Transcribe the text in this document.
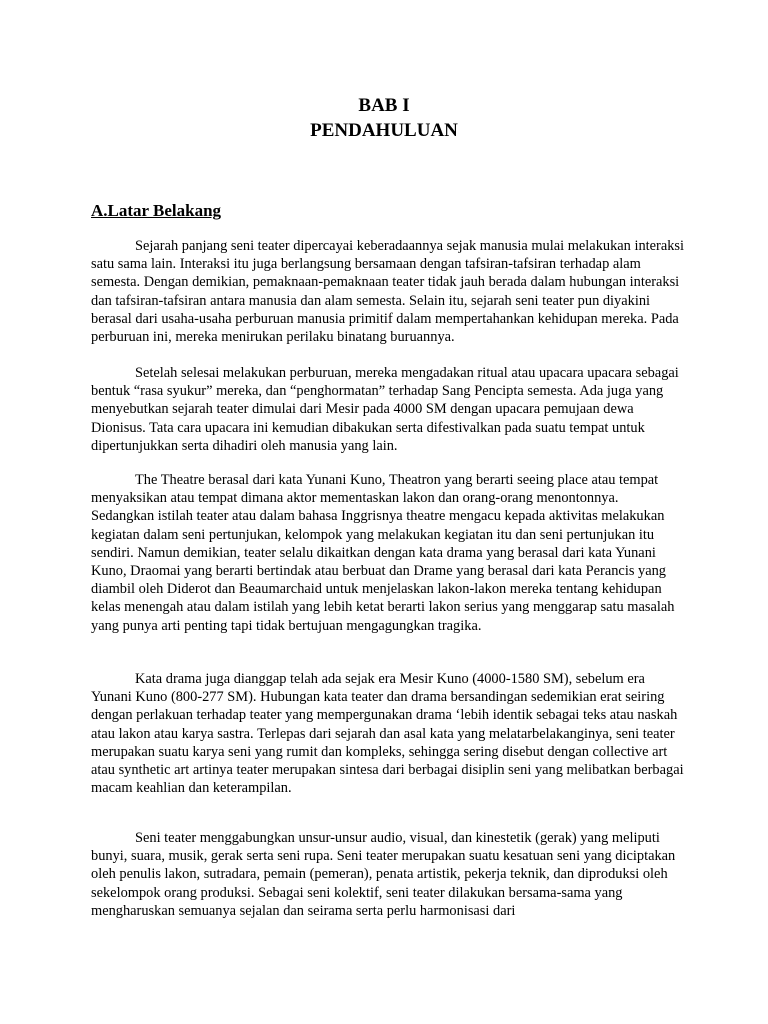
BAB I
PENDAHULUAN
A.Latar Belakang

Sejarah panjang seni teater dipercayai keberadaannya sejak manusia mulai melakukan interaksi satu sama lain. Interaksi itu juga berlangsung bersamaan dengan tafsiran-tafsiran terhadap alam semesta. Dengan demikian, pemaknaan-pemaknaan teater tidak jauh berada dalam hubungan interaksi dan tafsiran-tafsiran antara manusia dan alam semesta. Selain itu, sejarah seni teater pun diyakini berasal dari usaha-usaha perburuan manusia primitif dalam mempertahankan kehidupan mereka. Pada perburuan ini, mereka menirukan perilaku binatang buruannya.

Setelah selesai melakukan perburuan, mereka mengadakan ritual atau upacara upacara sebagai bentuk “rasa syukur” mereka, dan “penghormatan” terhadap Sang Pencipta semesta. Ada juga yang menyebutkan sejarah teater dimulai dari Mesir pada 4000 SM dengan upacara pemujaan dewa Dionisus. Tata cara upacara ini kemudian dibakukan serta difestivalkan pada suatu tempat untuk dipertunjukkan serta dihadiri oleh manusia yang lain.

The Theatre berasal dari kata Yunani Kuno, Theatron yang berarti seeing place atau tempat menyaksikan atau tempat dimana aktor mementaskan lakon dan orang-orang menontonnya. Sedangkan istilah teater atau dalam bahasa Inggrisnya theatre mengacu kepada aktivitas melakukan kegiatan dalam seni pertunjukan, kelompok yang melakukan kegiatan itu dan seni pertunjukan itu sendiri. Namun demikian, teater selalu dikaitkan dengan kata drama yang berasal dari kata Yunani Kuno, Draomai yang berarti bertindak atau berbuat dan Drame yang berasal dari kata Perancis yang diambil oleh Diderot dan Beaumarchaid untuk menjelaskan lakon-lakon mereka tentang kehidupan kelas menengah atau dalam istilah yang lebih ketat berarti lakon serius yang menggarap satu masalah yang punya arti penting tapi tidak bertujuan mengagungkan tragika.

Kata drama juga dianggap telah ada sejak era Mesir Kuno (4000-1580 SM), sebelum era Yunani Kuno (800-277 SM). Hubungan kata teater dan drama bersandingan sedemikian erat seiring dengan perlakuan terhadap teater yang mempergunakan drama ‘lebih identik sebagai teks atau naskah atau lakon atau karya sastra. Terlepas dari sejarah dan asal kata yang melatarbelakanginya, seni teater merupakan suatu karya seni yang rumit dan kompleks, sehingga sering disebut dengan collective art atau synthetic art artinya teater merupakan sintesa dari berbagai disiplin seni yang melibatkan berbagai macam keahlian dan keterampilan.

Seni teater menggabungkan unsur-unsur audio, visual, dan kinestetik (gerak) yang meliputi bunyi, suara, musik, gerak serta seni rupa. Seni teater merupakan suatu kesatuan seni yang diciptakan oleh penulis lakon, sutradara, pemain (pemeran), penata artistik, pekerja teknik, dan diproduksi oleh sekelompok orang produksi. Sebagai seni kolektif, seni teater dilakukan bersama-sama yang mengharuskan semuanya sejalan dan seirama serta perlu harmonisasi dari
